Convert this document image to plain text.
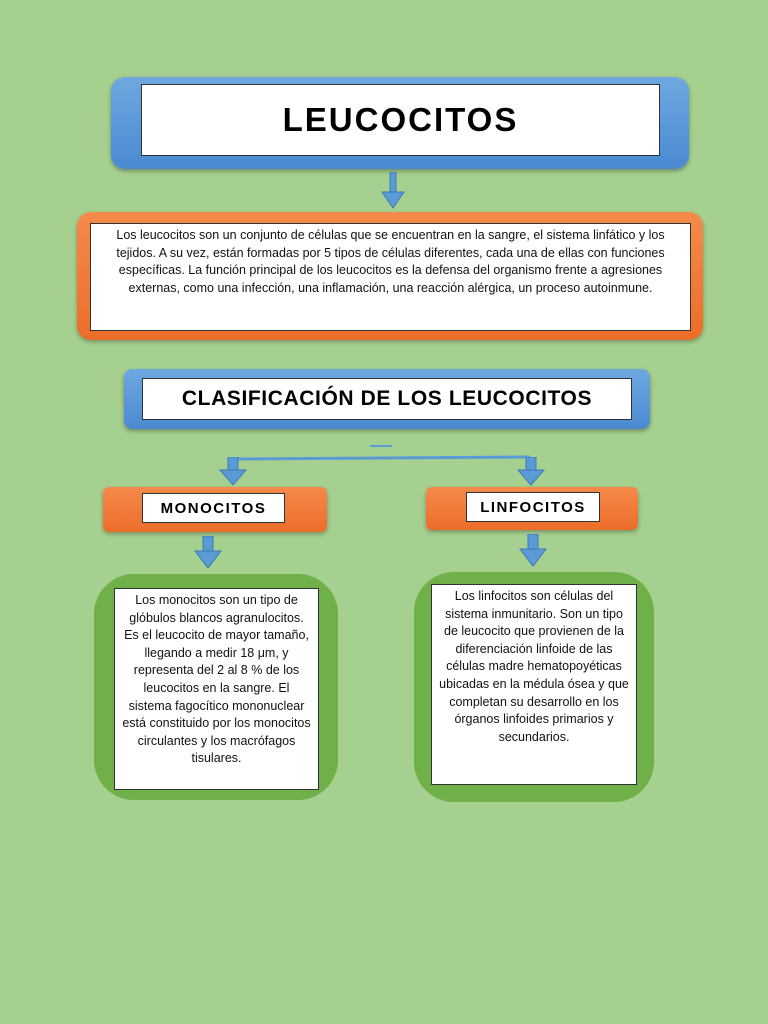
LEUCOCITOS
Los leucocitos son un conjunto de células que se encuentran en la sangre, el sistema linfático y los tejidos. A su vez, están formadas por 5 tipos de células diferentes, cada una de ellas con funciones específicas. La función principal de los leucocitos es la defensa del organismo frente a agresiones externas, como una infección, una inflamación, una reacción alérgica, un proceso autoinmune.
CLASIFICACIÓN DE LOS LEUCOCITOS
MONOCITOS	LINFOCITOS
Los monocitos son un tipo de glóbulos blancos agranulocitos. Es el leucocito de mayor tamaño, llegando a medir 18 μm, y representa del 2 al 8 % de los leucocitos en la sangre. El sistema fagocítico mononuclear está constituido por los monocitos circulantes y los macrófagos tisulares.
Los linfocitos son células del sistema inmunitario. Son un tipo de leucocito que provienen de la diferenciación linfoide de las células madre hematopoyéticas ubicadas en la médula ósea y que completan su desarrollo en los órganos linfoides primarios y secundarios.
